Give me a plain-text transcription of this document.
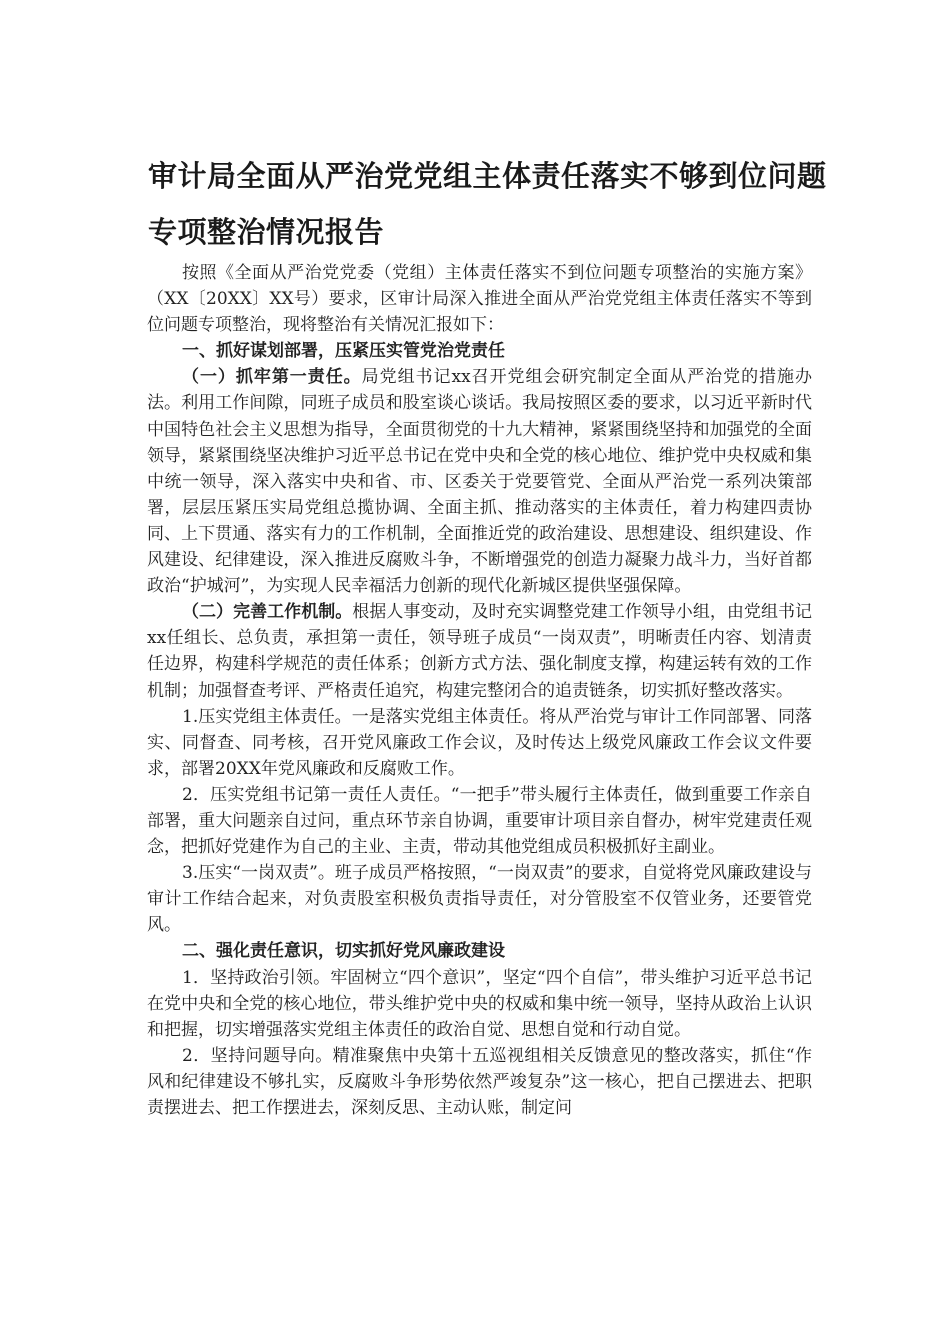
审计局全面从严治党党组主体责任落实不够到位问题
专项整治情况报告

按照《全面从严治党党委（党组）主体责任落实不到位问题专项整治的实施方案》（XX〔20XX〕XX号）要求，区审计局深入推进全面从严治党党组主体责任落实不等到位问题专项整治，现将整治有关情况汇报如下：

一、抓好谋划部署，压紧压实管党治党责任

（一）抓牢第一责任。局党组书记xx召开党组会研究制定全面从严治党的措施办法。利用工作间隙，同班子成员和股室谈心谈话。我局按照区委的要求，以习近平新时代中国特色社会主义思想为指导，全面贯彻党的十九大精神，紧紧围绕坚持和加强党的全面领导，紧紧围绕坚决维护习近平总书记在党中央和全党的核心地位、维护党中央权威和集中统一领导，深入落实中央和省、市、区委关于党要管党、全面从严治党一系列决策部署，层层压紧压实局党组总揽协调、全面主抓、推动落实的主体责任，着力构建四责协同、上下贯通、落实有力的工作机制，全面推近党的政治建设、思想建设、组织建设、作风建设、纪律建设，深入推进反腐败斗争，不断增强党的创造力凝聚力战斗力，当好首都政治“护城河”，为实现人民幸福活力创新的现代化新城区提供坚强保障。

（二）完善工作机制。根据人事变动，及时充实调整党建工作领导小组，由党组书记xx任组长、总负责，承担第一责任，领导班子成员“一岗双责”，明晰责任内容、划清责任边界，构建科学规范的责任体系；创新方式方法、强化制度支撑，构建运转有效的工作机制；加强督查考评、严格责任追究，构建完整闭合的追责链条，切实抓好整改落实。

1.压实党组主体责任。一是落实党组主体责任。将从严治党与审计工作同部署、同落实、同督查、同考核，召开党风廉政工作会议，及时传达上级党风廉政工作会议文件要求，部署20XX年党风廉政和反腐败工作。

2．压实党组书记第一责任人责任。“一把手”带头履行主体责任，做到重要工作亲自部署，重大问题亲自过问，重点环节亲自协调，重要审计项目亲自督办，树牢党建责任观念，把抓好党建作为自己的主业、主责，带动其他党组成员积极抓好主副业。

3.压实“一岗双责”。班子成员严格按照，“一岗双责”的要求，自觉将党风廉政建设与审计工作结合起来，对负责股室积极负责指导责任，对分管股室不仅管业务，还要管党风。

二、强化责任意识，切实抓好党风廉政建设

1．坚持政治引领。牢固树立“四个意识”，坚定“四个自信”，带头维护习近平总书记在党中央和全党的核心地位，带头维护党中央的权威和集中统一领导，坚持从政治上认识和把握，切实增强落实党组主体责任的政治自觉、思想自觉和行动自觉。

2．坚持问题导向。精准聚焦中央第十五巡视组相关反馈意见的整改落实，抓住“作风和纪律建设不够扎实，反腐败斗争形势依然严竣复杂”这一核心，把自己摆进去、把职责摆进去、把工作摆进去，深刻反思、主动认账，制定问
